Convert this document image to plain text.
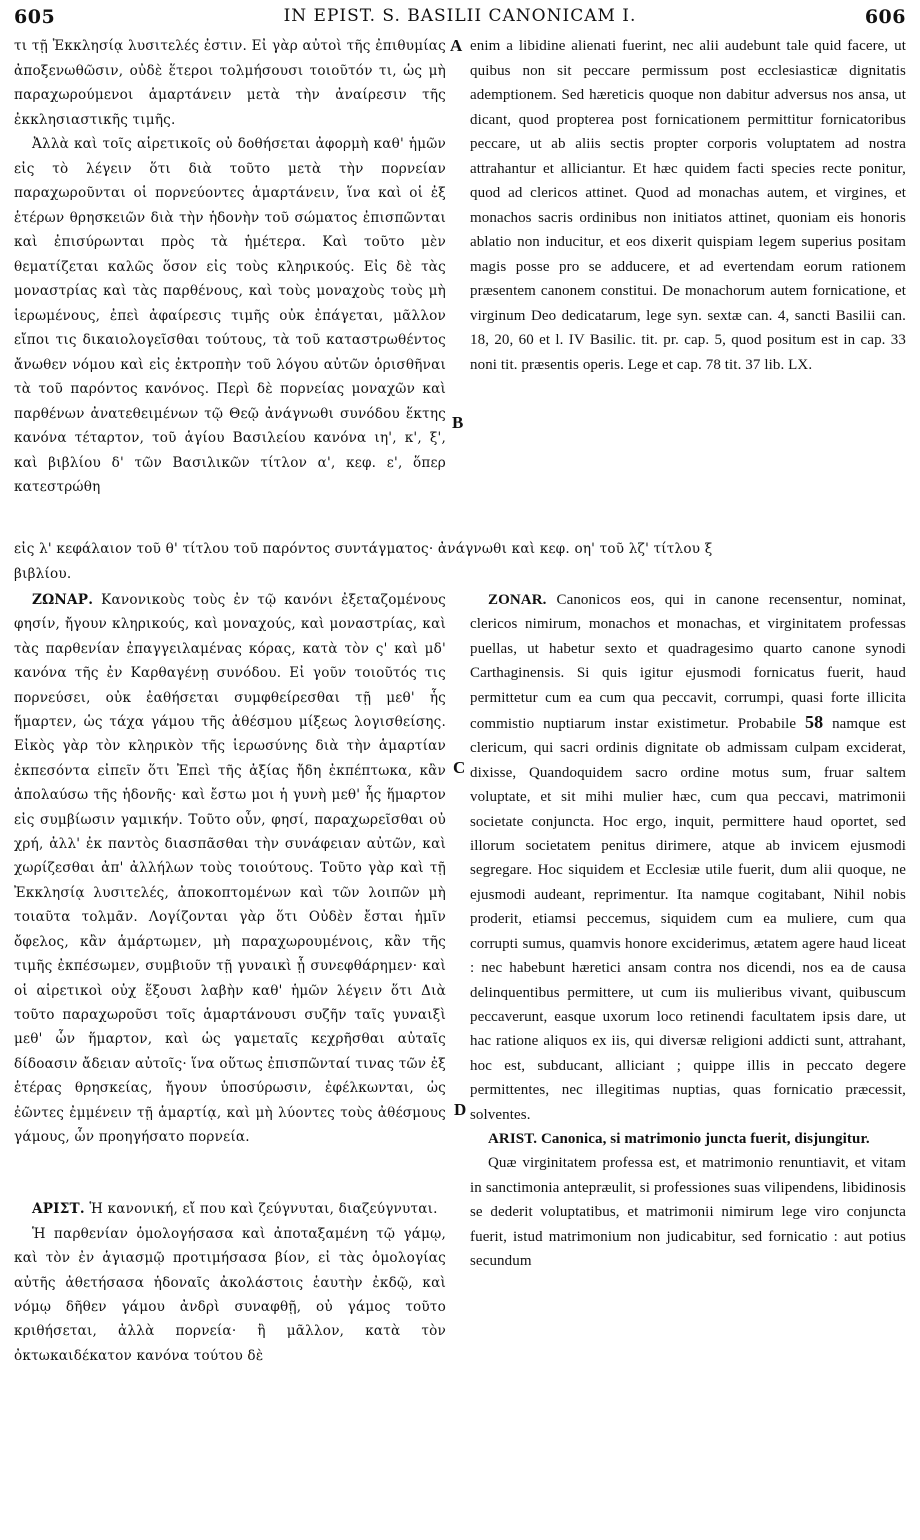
605	IN EPIST. S. BASILII CANONICAM I.	606

τι τῇ Ἐκκλησίᾳ λυσιτελές ἐστιν. Εἰ γὰρ αὐτοὶ τῆς ἐπιθυμίας ἀποξενωθῶσιν, οὐδὲ ἕτεροι τολμήσουσι τοιοῦτόν τι, ὡς μὴ παραχωρούμενοι ἁμαρτάνειν μετὰ τὴν ἀναίρεσιν τῆς ἐκκλησιαστικῆς τιμῆς.

Ἀλλὰ καὶ τοῖς αἱρετικοῖς οὐ δοθήσεται ἀφορμὴ καθ' ἡμῶν εἰς τὸ λέγειν ὅτι διὰ τοῦτο μετὰ τὴν πορνείαν παραχωροῦνται οἱ πορνεύοντες ἁμαρτάνειν, ἵνα καὶ οἱ ἐξ ἑτέρων θρησκειῶν διὰ τὴν ἡδονὴν τοῦ σώματος ἐπισπῶνται καὶ ἐπισύρωνται πρὸς τὰ ἡμέτερα. Καὶ τοῦτο μὲν θεματίζεται καλῶς ὅσον εἰς τοὺς κληρικούς. Εἰς δὲ τὰς μοναστρίας καὶ τὰς παρθένους, καὶ τοὺς μοναχοὺς τοὺς μὴ ἱερωμένους, ἐπεὶ ἀφαίρεσις τιμῆς οὐκ ἐπάγεται, μᾶλλον εἴποι τις δικαιολογεῖσθαι τούτους, τὰ τοῦ καταστρωθέντος ἄνωθεν νόμου καὶ εἰς ἐκτροπὴν τοῦ λόγου αὐτῶν ὁρισθῆναι τὰ τοῦ παρόντος κανόνος. Περὶ δὲ πορνείας μοναχῶν καὶ παρθένων ἀνατεθειμένων τῷ Θεῷ ἀνάγνωθι συνόδου ἕκτης κανόνα τέταρτον, τοῦ ἁγίου Βασιλείου κανόνα ιη', κ', ξ', καὶ βιβλίου δ' τῶν Βασιλικῶν τίτλον α', κεφ. ε', ὅπερ κατεστρώθη

A
B

enim a libidine alienati fuerint, nec alii audebunt tale quid facere, ut quibus non sit peccare permissum post ecclesiasticæ dignitatis ademptionem. Sed hæreticis quoque non dabitur adversus nos ansa, ut dicant, quod propterea post fornicationem permittitur fornicatoribus peccare, ut ab aliis sectis propter corporis voluptatem ad nostra attrahantur et alliciantur. Et hæc quidem facti species recte ponitur, quod ad clericos attinet. Quod ad monachas autem, et virgines, et monachos sacris ordinibus non initiatos attinet, quoniam eis honoris ablatio non inducitur, et eos dixerit quispiam legem superius positam magis posse pro se adducere, et ad evertendam eorum rationem præsentem canonem constitui. De monachorum autem fornicatione, et virginum Deo dedicatarum, lege syn. sextæ can. 4, sancti Basilii can. 18, 20, 60 et l. IV Basilic. tit. pr. cap. 5, quod positum est in cap. 33 noni tit. præsentis operis. Lege et cap. 78 tit. 37 lib. LX.

εἰς λ' κεφάλαιον τοῦ θ' τίτλου τοῦ παρόντος συντάγματος· ἀνάγνωθι καὶ κεφ. οη' τοῦ λζ' τίτλου ξ

βιβλίου.

ΖΩΝΑΡ. Κανονικοὺς τοὺς ἐν τῷ κανόνι ἐξεταζομένους φησίν, ἤγουν κληρικούς, καὶ μοναχούς, καὶ μοναστρίας, καὶ τὰς παρθενίαν ἐπαγγειλαμένας κόρας, κατὰ τὸν ς' καὶ μδ' κανόνα τῆς ἐν Καρθαγένῃ συνόδου. Εἰ γοῦν τοιοῦτός τις πορνεύσει, οὐκ ἐαθήσεται συμφθείρεσθαι τῇ μεθ' ἧς ἥμαρτεν, ὡς τάχα γάμου τῆς ἀθέσμου μίξεως λογισθείσης. Εἰκὸς γὰρ τὸν κληρικὸν τῆς ἱερωσύνης διὰ τὴν ἁμαρτίαν ἐκπεσόντα εἰπεῖν ὅτι Ἐπεὶ τῆς ἀξίας ἤδη ἐκπέπτωκα, κἂν ἀπολαύσω τῆς ἡδονῆς· καὶ ἔστω μοι ἡ γυνὴ μεθ' ἧς ἥμαρτον εἰς συμβίωσιν γαμικήν. Τοῦτο οὖν, φησί, παραχωρεῖσθαι οὐ χρή, ἀλλ' ἐκ παντὸς διασπᾶσθαι τὴν συνάφειαν αὐτῶν, καὶ χωρίζεσθαι ἀπ' ἀλλήλων τοὺς τοιούτους. Τοῦτο γὰρ καὶ τῇ Ἐκκλησίᾳ λυσιτελές, ἀποκοπτομένων καὶ τῶν λοιπῶν μὴ τοιαῦτα τολμᾶν. Λογίζονται γὰρ ὅτι Οὐδὲν ἔσται ἡμῖν ὄφελος, κἂν ἁμάρτωμεν, μὴ παραχωρουμένοις, κἂν τῆς τιμῆς ἐκπέσωμεν, συμβιοῦν τῇ γυναικὶ ᾗ συνεφθάρημεν· καὶ οἱ αἱρετικοὶ οὐχ ἕξουσι λαβὴν καθ' ἡμῶν λέγειν ὅτι Διὰ τοῦτο παραχωροῦσι τοῖς ἁμαρτάνουσι συζῆν ταῖς γυναιξὶ μεθ' ὧν ἥμαρτον, καὶ ὡς γαμεταῖς κεχρῆσθαι αὐταῖς δίδοασιν ἄδειαν αὐτοῖς· ἵνα οὕτως ἐπισπῶνταί τινας τῶν ἐξ ἑτέρας θρησκείας, ἤγουν ὑποσύρωσιν, ἐφέλκωνται, ὡς ἐῶντες ἐμμένειν τῇ ἁμαρτίᾳ, καὶ μὴ λύοντες τοὺς ἀθέσμους γάμους, ὧν προηγήσατο πορνεία.

ΑΡΙΣΤ. Ἡ κανονική, εἴ που καὶ ζεύγνυται, διαζεύγνυται.

Ἡ παρθενίαν ὁμολογήσασα καὶ ἀποταξαμένη τῷ γάμῳ, καὶ τὸν ἐν ἁγιασμῷ προτιμήσασα βίον, εἰ τὰς ὁμολογίας αὐτῆς ἀθετήσασα ἡδοναῖς ἀκολάστοις ἑαυτὴν ἐκδῷ, καὶ νόμῳ δῆθεν γάμου ἀνδρὶ συναφθῇ, οὐ γάμος τοῦτο κριθήσεται, ἀλλὰ πορνεία· ἢ μᾶλλον, κατὰ τὸν ὀκτωκαιδέκατον κανόνα τούτου δὲ

C
D

ZONAR. Canonicos eos, qui in canone recensentur, nominat, clericos nimirum, monachos et monachas, et virginitatem professas puellas, ut habetur sexto et quadragesimo quarto canone synodi Carthaginensis. Si quis igitur ejusmodi fornicatus fuerit, haud permittetur cum ea cum qua peccavit, corrumpi, quasi forte illicita commistio nuptiarum instar existimetur. Probabile 58 namque est clericum, qui sacri ordinis dignitate ob admissam culpam exciderat, dixisse, Quandoquidem sacro ordine motus sum, fruar saltem voluptate, et sit mihi mulier hæc, cum qua peccavi, matrimonii societate conjuncta. Hoc ergo, inquit, permittere haud oportet, sed illorum societatem penitus dirimere, atque ab invicem ejusmodi segregare. Hoc siquidem et Ecclesiæ utile fuerit, dum alii quoque, ne ejusmodi audeant, reprimentur. Ita namque cogitabant, Nihil nobis proderit, etiamsi peccemus, siquidem cum ea muliere, cum qua corrupti sumus, quamvis honore exciderimus, ætatem agere haud liceat : nec habebunt hæretici ansam contra nos dicendi, nos ea de causa delinquentibus permittere, ut cum iis mulieribus vivant, quibuscum peccaverunt, easque uxorum loco retinendi facultatem ipsis dare, ut hac ratione aliquos ex iis, qui diversæ religioni addicti sunt, attrahant, hoc est, subducant, alliciant ; quippe illis in peccato degere permittentes, nec illegitimas nuptias, quas fornicatio præcessit, solventes.

ARIST. Canonica, si matrimonio juncta fuerit, disjungitur.

Quæ virginitatem professa est, et matrimonio renuntiavit, et vitam in sanctimonia antepræulit, si professiones suas vilipendens, libidinosis se dederit voluptatibus, et matrimonii nimirum lege viro conjuncta fuerit, istud matrimonium non judicabitur, sed fornicatio : aut potius secundum
